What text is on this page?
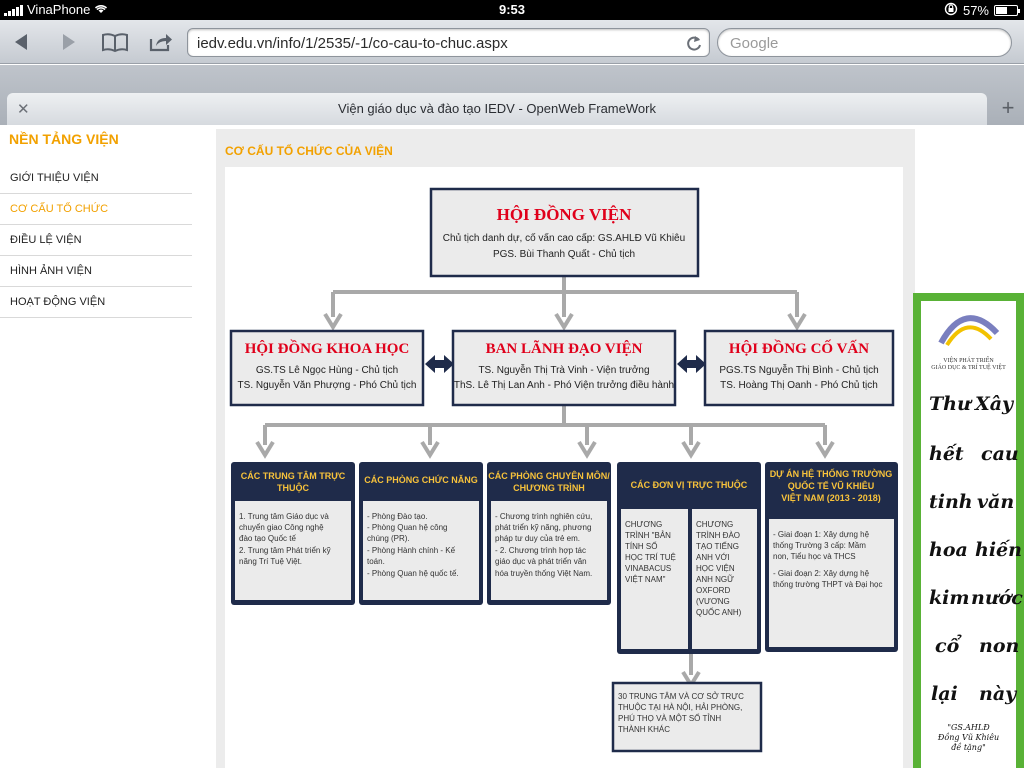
VinaPhone	9:53	57%
iedv.edu.vn/info/1/2535/-1/co-cau-to-chuc.aspx
Google
✕	Viện giáo dục và đào tạo IEDV - OpenWeb FrameWork	+
NỀN TẢNG VIỆN
GIỚI THIỆU VIỆN
CƠ CẤU TỔ CHỨC
ĐIỀU LỆ VIỆN
HÌNH ẢNH VIỆN
HOẠT ĐỘNG VIỆN
CƠ CẤU TỔ CHỨC CỦA VIỆN
HỘI ĐỒNG VIỆN
Chủ tịch danh dự, cố vấn cao cấp: GS.AHLĐ Vũ Khiêu
PGS. Bùi Thanh Quất - Chủ tịch
HỘI ĐỒNG KHOA HỌC
GS.TS Lê Ngọc Hùng - Chủ tịch
TS. Nguyễn Văn Phượng - Phó Chủ tịch
BAN LÃNH ĐẠO VIỆN
TS. Nguyễn Thị Trà Vinh - Viện trưởng
ThS. Lê Thị Lan Anh - Phó Viện trưởng điều hành
HỘI ĐỒNG CỐ VẤN
PGS.TS Nguyễn Thị Bình - Chủ tịch
TS. Hoàng Thị Oanh - Phó Chủ tịch
CÁC TRUNG TÂM TRỰC
THUỘC
1. Trung tâm Giáo dục và
chuyển giao Công nghệ
đào tạo Quốc tế
2. Trung tâm Phát triển kỹ
năng Trí Tuệ Việt.
CÁC PHÒNG CHỨC NĂNG
- Phòng Đào tạo.
- Phòng Quan hệ công
chúng (PR).
- Phòng Hành chính - Kế
toán.
- Phòng Quan hệ quốc tế.
CÁC PHÒNG CHUYÊN MÔN/
CHƯƠNG TRÌNH
- Chương trình nghiên cứu,
phát triển kỹ năng, phương
pháp tư duy của trẻ em.
- 2. Chương trình hợp tác
giáo dục và phát triển văn
hóa truyền thống Việt Nam.
CÁC ĐƠN VỊ TRỰC THUỘC
CHƯƠNG
TRÌNH "BẢN
TÍNH SỐ
HỌC TRÍ TUỆ
VINABACUS
VIỆT NAM"
CHƯƠNG
TRÌNH ĐÀO
TẠO TIẾNG
ANH VỚI
HỌC VIỆN
ANH NGỮ
OXFORD
(VƯƠNG
QUỐC ANH)
DỰ ÁN HỆ THỐNG TRƯỜNG
QUỐC TẾ VŨ KHIÊU
VIỆT NAM (2013 - 2018)
- Giai đoạn 1: Xây dựng hệ
thống Trường 3 cấp: Mầm
non, Tiểu học và THCS
- Giai đoạn 2: Xây dựng hệ
thống trường THPT và Đại học
30 TRUNG TÂM VÀ CƠ SỞ TRỰC
THUỘC TẠI HÀ NỘI, HẢI PHÒNG,
PHÚ THỌ VÀ MỘT SỐ TỈNH
THÀNH KHÁC
IEDV
VIỆN PHÁT TRIỂN
GIÁO DỤC & TRÍ TUỆ VIỆT
Thư Xây
hết cau
tinh văn
hoa hiến
kim nước
cổ non
lại này
"GS.AHLĐ
Đồng Vũ Khiêu
đề tặng"
